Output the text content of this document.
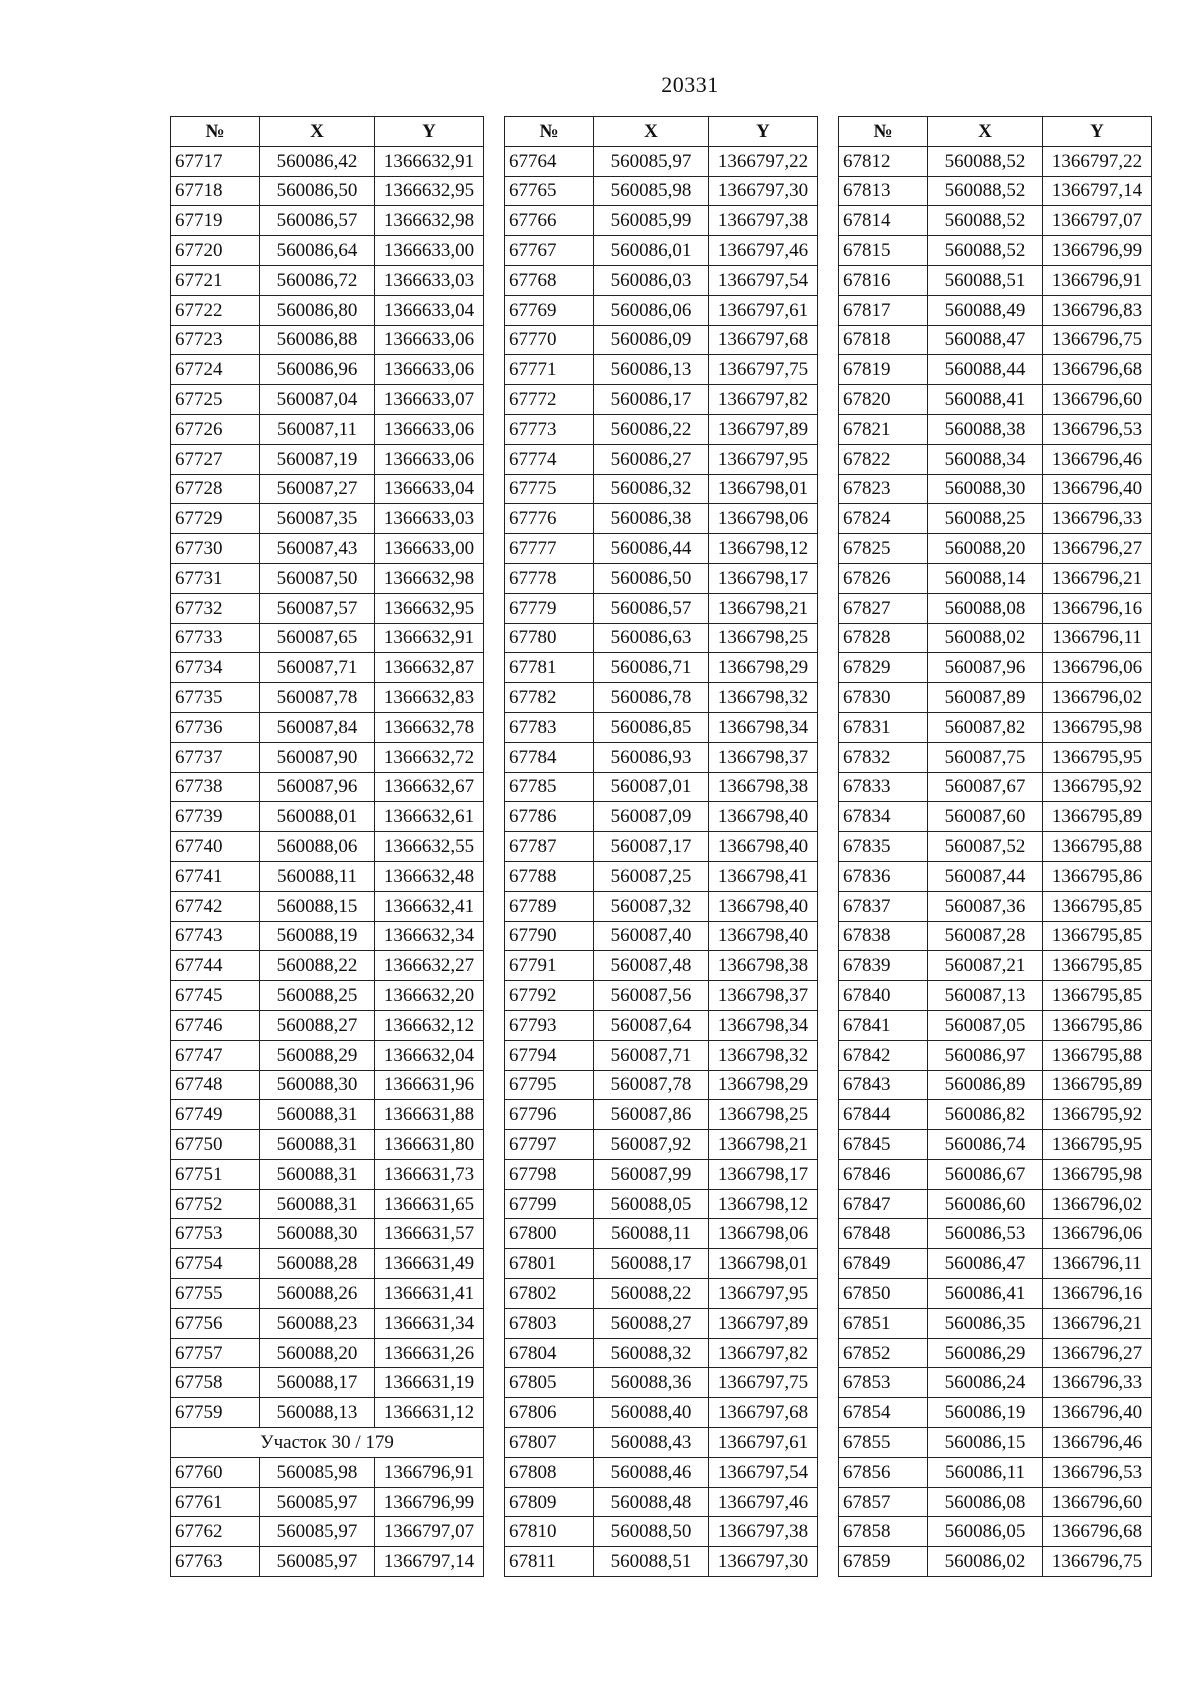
20331
№	X	Y
67717	560086,42	1366632,91
67718	560086,50	1366632,95
67719	560086,57	1366632,98
67720	560086,64	1366633,00
67721	560086,72	1366633,03
67722	560086,80	1366633,04
67723	560086,88	1366633,06
67724	560086,96	1366633,06
67725	560087,04	1366633,07
67726	560087,11	1366633,06
67727	560087,19	1366633,06
67728	560087,27	1366633,04
67729	560087,35	1366633,03
67730	560087,43	1366633,00
67731	560087,50	1366632,98
67732	560087,57	1366632,95
67733	560087,65	1366632,91
67734	560087,71	1366632,87
67735	560087,78	1366632,83
67736	560087,84	1366632,78
67737	560087,90	1366632,72
67738	560087,96	1366632,67
67739	560088,01	1366632,61
67740	560088,06	1366632,55
67741	560088,11	1366632,48
67742	560088,15	1366632,41
67743	560088,19	1366632,34
67744	560088,22	1366632,27
67745	560088,25	1366632,20
67746	560088,27	1366632,12
67747	560088,29	1366632,04
67748	560088,30	1366631,96
67749	560088,31	1366631,88
67750	560088,31	1366631,80
67751	560088,31	1366631,73
67752	560088,31	1366631,65
67753	560088,30	1366631,57
67754	560088,28	1366631,49
67755	560088,26	1366631,41
67756	560088,23	1366631,34
67757	560088,20	1366631,26
67758	560088,17	1366631,19
67759	560088,13	1366631,12
Участок 30 / 179		
67760	560085,98	1366796,91
67761	560085,97	1366796,99
67762	560085,97	1366797,07
67763	560085,97	1366797,14
№	X	Y
67764	560085,97	1366797,22
67765	560085,98	1366797,30
67766	560085,99	1366797,38
67767	560086,01	1366797,46
67768	560086,03	1366797,54
67769	560086,06	1366797,61
67770	560086,09	1366797,68
67771	560086,13	1366797,75
67772	560086,17	1366797,82
67773	560086,22	1366797,89
67774	560086,27	1366797,95
67775	560086,32	1366798,01
67776	560086,38	1366798,06
67777	560086,44	1366798,12
67778	560086,50	1366798,17
67779	560086,57	1366798,21
67780	560086,63	1366798,25
67781	560086,71	1366798,29
67782	560086,78	1366798,32
67783	560086,85	1366798,34
67784	560086,93	1366798,37
67785	560087,01	1366798,38
67786	560087,09	1366798,40
67787	560087,17	1366798,40
67788	560087,25	1366798,41
67789	560087,32	1366798,40
67790	560087,40	1366798,40
67791	560087,48	1366798,38
67792	560087,56	1366798,37
67793	560087,64	1366798,34
67794	560087,71	1366798,32
67795	560087,78	1366798,29
67796	560087,86	1366798,25
67797	560087,92	1366798,21
67798	560087,99	1366798,17
67799	560088,05	1366798,12
67800	560088,11	1366798,06
67801	560088,17	1366798,01
67802	560088,22	1366797,95
67803	560088,27	1366797,89
67804	560088,32	1366797,82
67805	560088,36	1366797,75
67806	560088,40	1366797,68
67807	560088,43	1366797,61
67808	560088,46	1366797,54
67809	560088,48	1366797,46
67810	560088,50	1366797,38
67811	560088,51	1366797,30
№	X	Y
67812	560088,52	1366797,22
67813	560088,52	1366797,14
67814	560088,52	1366797,07
67815	560088,52	1366796,99
67816	560088,51	1366796,91
67817	560088,49	1366796,83
67818	560088,47	1366796,75
67819	560088,44	1366796,68
67820	560088,41	1366796,60
67821	560088,38	1366796,53
67822	560088,34	1366796,46
67823	560088,30	1366796,40
67824	560088,25	1366796,33
67825	560088,20	1366796,27
67826	560088,14	1366796,21
67827	560088,08	1366796,16
67828	560088,02	1366796,11
67829	560087,96	1366796,06
67830	560087,89	1366796,02
67831	560087,82	1366795,98
67832	560087,75	1366795,95
67833	560087,67	1366795,92
67834	560087,60	1366795,89
67835	560087,52	1366795,88
67836	560087,44	1366795,86
67837	560087,36	1366795,85
67838	560087,28	1366795,85
67839	560087,21	1366795,85
67840	560087,13	1366795,85
67841	560087,05	1366795,86
67842	560086,97	1366795,88
67843	560086,89	1366795,89
67844	560086,82	1366795,92
67845	560086,74	1366795,95
67846	560086,67	1366795,98
67847	560086,60	1366796,02
67848	560086,53	1366796,06
67849	560086,47	1366796,11
67850	560086,41	1366796,16
67851	560086,35	1366796,21
67852	560086,29	1366796,27
67853	560086,24	1366796,33
67854	560086,19	1366796,40
67855	560086,15	1366796,46
67856	560086,11	1366796,53
67857	560086,08	1366796,60
67858	560086,05	1366796,68
67859	560086,02	1366796,75
